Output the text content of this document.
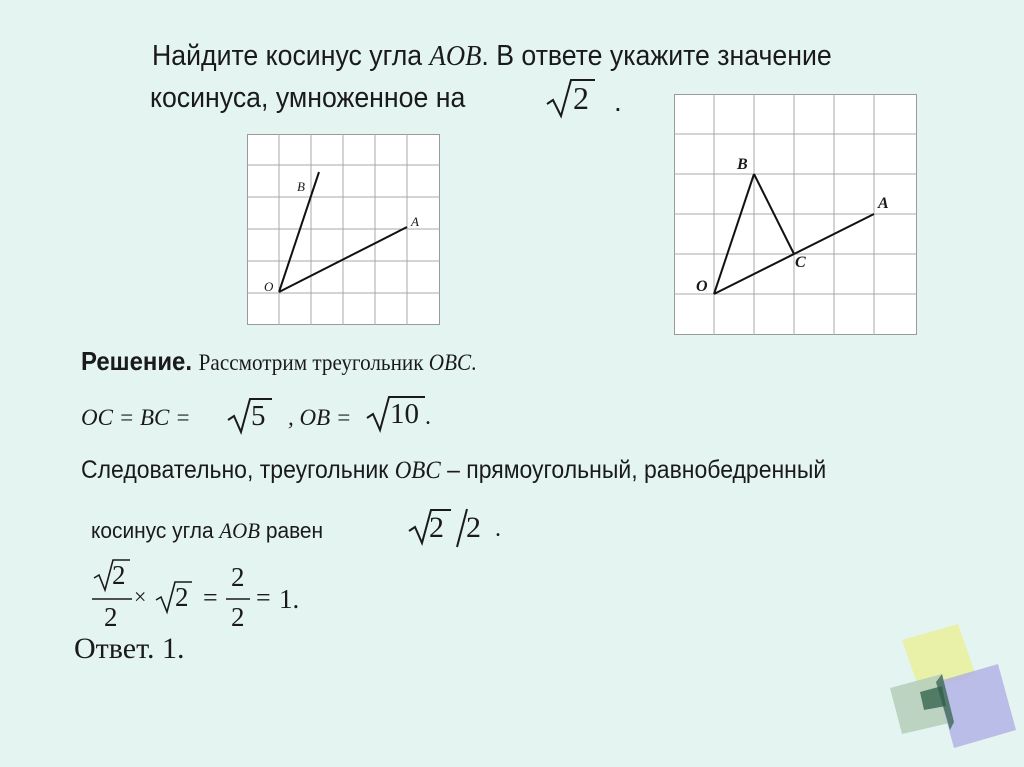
Найдите косинус угла AOB. В ответе укажите значение
косинуса, умноженное на	2 .
O
A
B
O
A
B
C
Решение. Рассмотрим треугольник OBC.
OC = BC = 5 , OB = 10 .
Следовательно, треугольник OBC – прямоугольный, равнобедренный
косинус угла AOB равен	2 2 .
2
2
× 2 =
2
2
= 1.
Ответ. 1.
